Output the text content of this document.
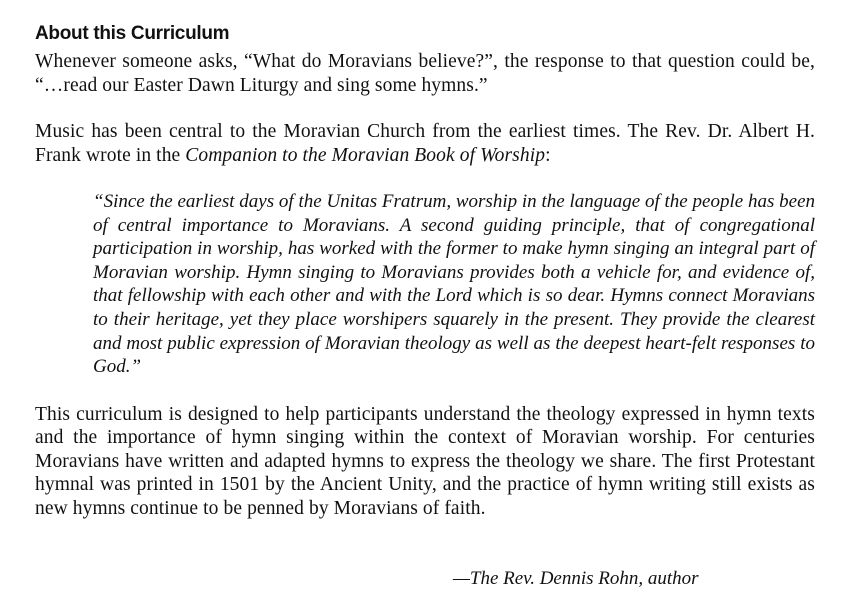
About this Curriculum

Whenever someone asks, “What do Moravians believe?”, the response to that question could be, “…read our Easter Dawn Liturgy and sing some hymns.”

Music has been central to the Moravian Church from the earliest times. The Rev. Dr. Albert H. Frank wrote in the Companion to the Moravian Book of Worship:

“Since the earliest days of the Unitas Fratrum, worship in the language of the people has been of central importance to Moravians. A second guiding principle, that of congregational participation in worship, has worked with the former to make hymn singing an integral part of Moravian worship. Hymn singing to Moravians provides both a vehicle for, and evidence of, that fellowship with each other and with the Lord which is so dear. Hymns connect Moravians to their heritage, yet they place worshipers squarely in the present. They provide the clearest and most public expression of Moravian theology as well as the deepest heart-felt responses to God.”

This curriculum is designed to help participants understand the theology expressed in hymn texts and the importance of hymn singing within the context of Moravian worship. For centuries Moravians have written and adapted hymns to express the theology we share. The first Protestant hymnal was printed in 1501 by the Ancient Unity, and the practice of hymn writing still exists as new hymns continue to be penned by Moravians of faith.

—The Rev. Dennis Rohn, author
